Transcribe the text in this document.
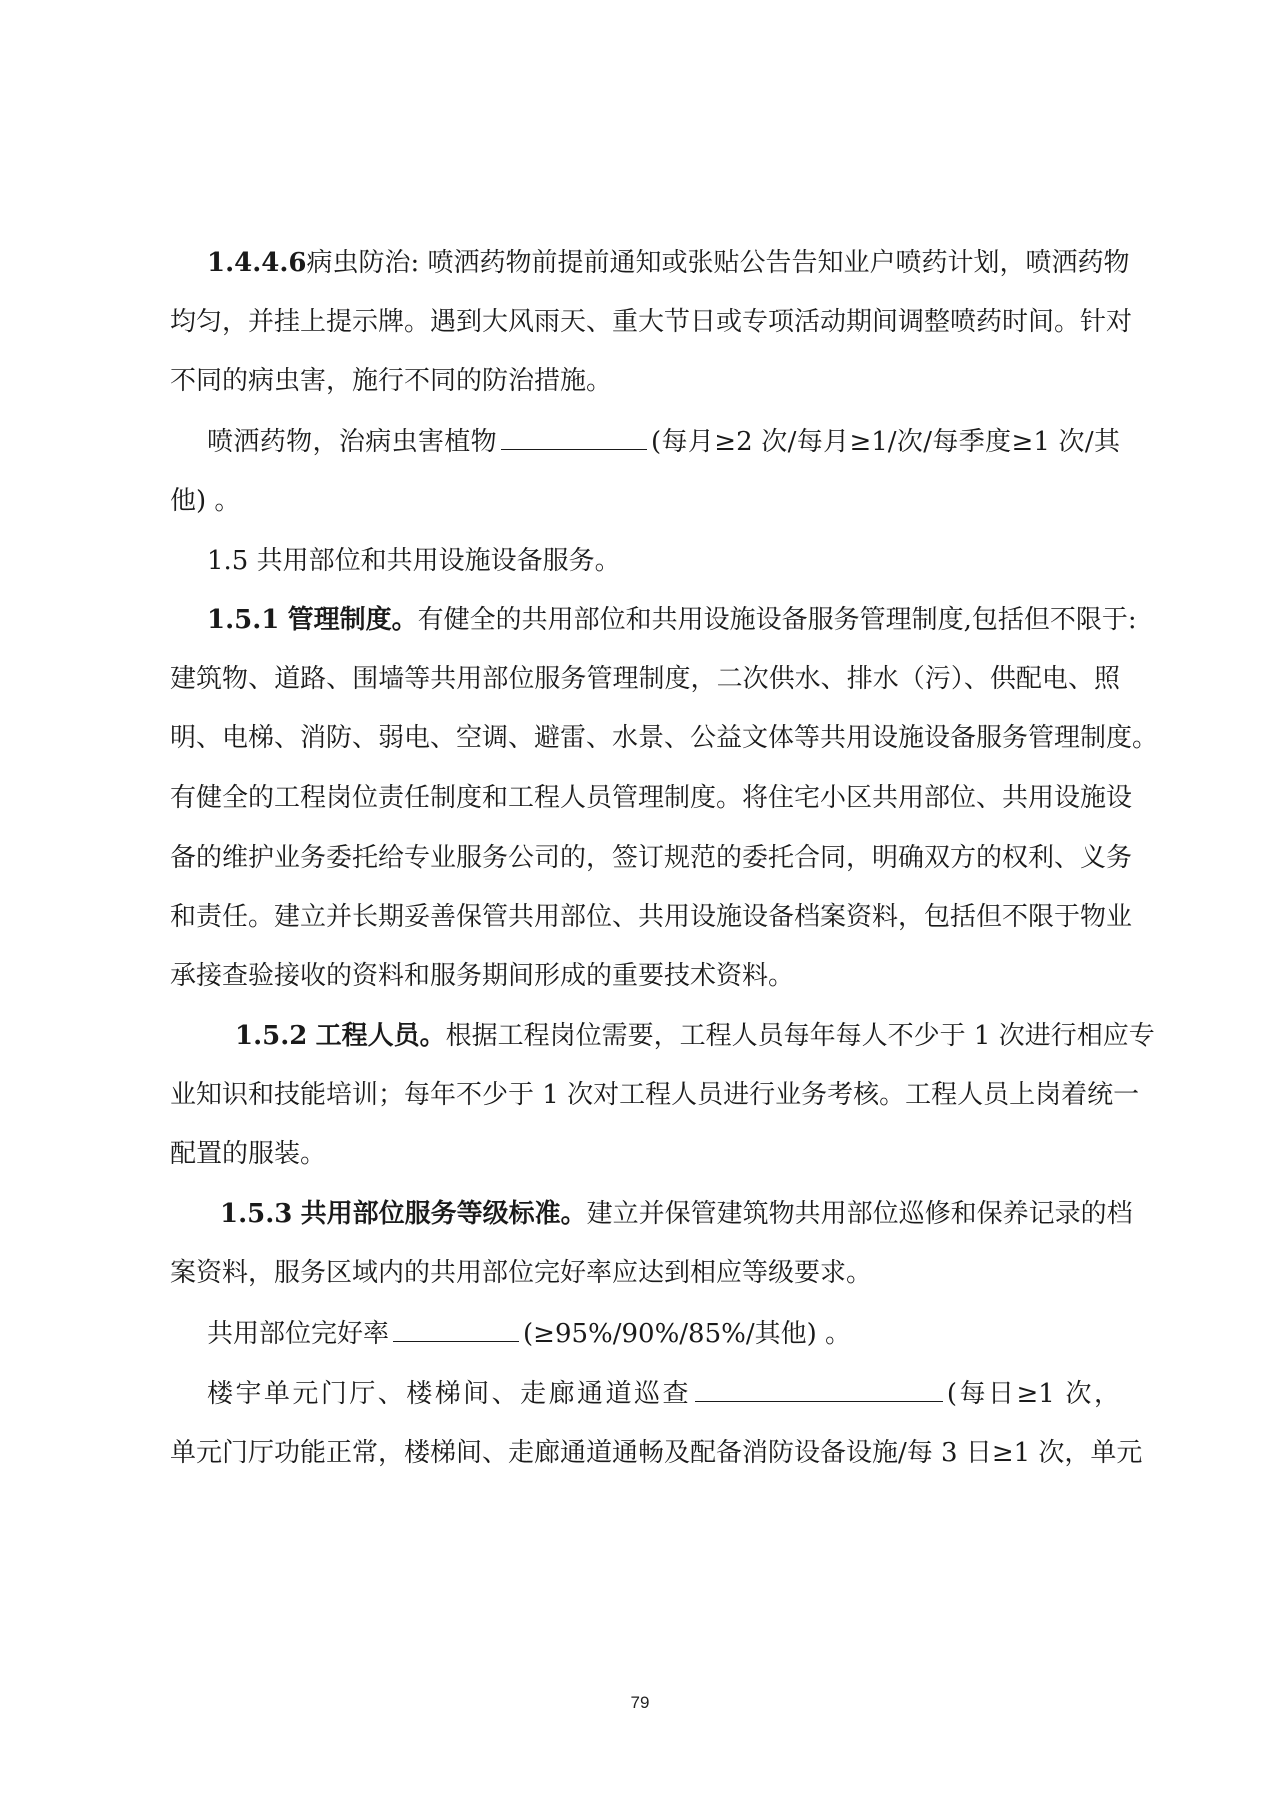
1.4.4.6病虫防治: 喷洒药物前提前通知或张贴公告告知业户喷药计划，喷洒药物
均匀，并挂上提示牌。遇到大风雨天、重大节日或专项活动期间调整喷药时间。针对
不同的病虫害，施行不同的防治措施。
喷洒药物，治病虫害植物	(每月≥2 次/每月≥1/次/每季度≥1 次/其
他) 。
1.5 共用部位和共用设施设备服务。
1.5.1 管理制度。有健全的共用部位和共用设施设备服务管理制度,包括但不限于:
建筑物、道路、围墙等共用部位服务管理制度，二次供水、排水（污）、供配电、照
明、电梯、消防、弱电、空调、避雷、水景、公益文体等共用设施设备服务管理制度。
有健全的工程岗位责任制度和工程人员管理制度。将住宅小区共用部位、共用设施设
备的维护业务委托给专业服务公司的，签订规范的委托合同，明确双方的权利、义务
和责任。建立并长期妥善保管共用部位、共用设施设备档案资料，包括但不限于物业
承接查验接收的资料和服务期间形成的重要技术资料。
1.5.2 工程人员。根据工程岗位需要，工程人员每年每人不少于 1 次进行相应专
业知识和技能培训；每年不少于 1 次对工程人员进行业务考核。工程人员上岗着统一
配置的服装。
1.5.3 共用部位服务等级标准。建立并保管建筑物共用部位巡修和保养记录的档
案资料，服务区域内的共用部位完好率应达到相应等级要求。
共用部位完好率	(≥95%/90%/85%/其他) 。
楼宇单元门厅、楼梯间、走廊通道巡查	(每日≥1 次，
单元门厅功能正常，楼梯间、走廊通道通畅及配备消防设备设施/每 3 日≥1 次，单元
79
